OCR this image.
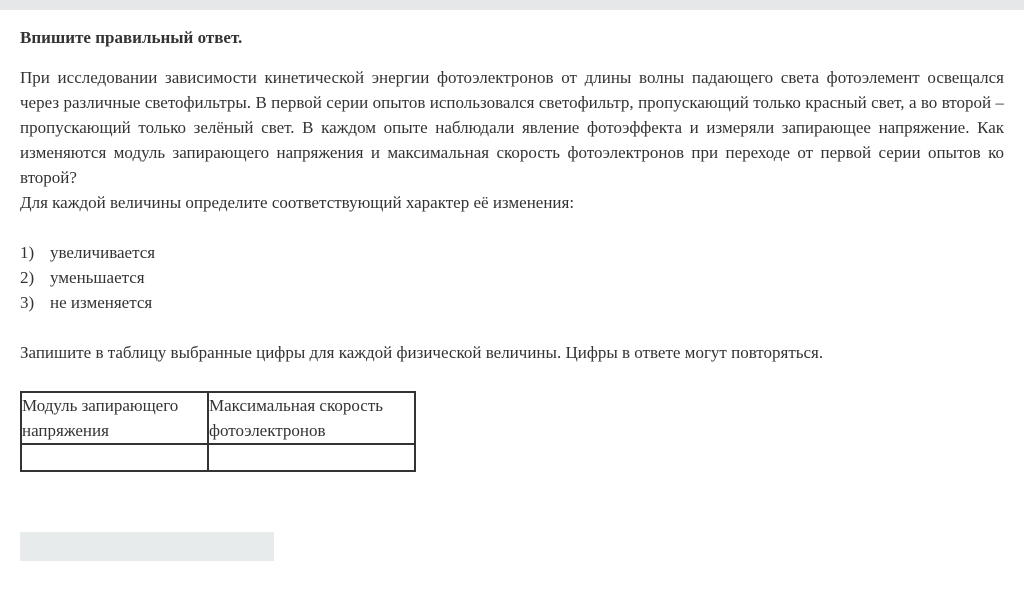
Впишите правильный ответ.

При исследовании зависимости кинетической энергии фотоэлектронов от длины волны падающего света фотоэлемент освещался через различные светофильтры. В первой серии опытов использовался светофильтр, пропускающий только красный свет, а во второй – пропускающий только зелёный свет. В каждом опыте наблюдали явление фотоэффекта и измеряли запирающее напряжение. Как изменяются модуль запирающего напряжения и максимальная скорость фотоэлектронов при переходе от первой серии опытов ко второй?

Для каждой величины определите соответствующий характер её изменения:

1) увеличивается
2) уменьшается
3) не изменяется

Запишите в таблицу выбранные цифры для каждой физической величины. Цифры в ответе могут повторяться.

Модуль запирающего напряжения	Максимальная скорость фотоэлектронов
